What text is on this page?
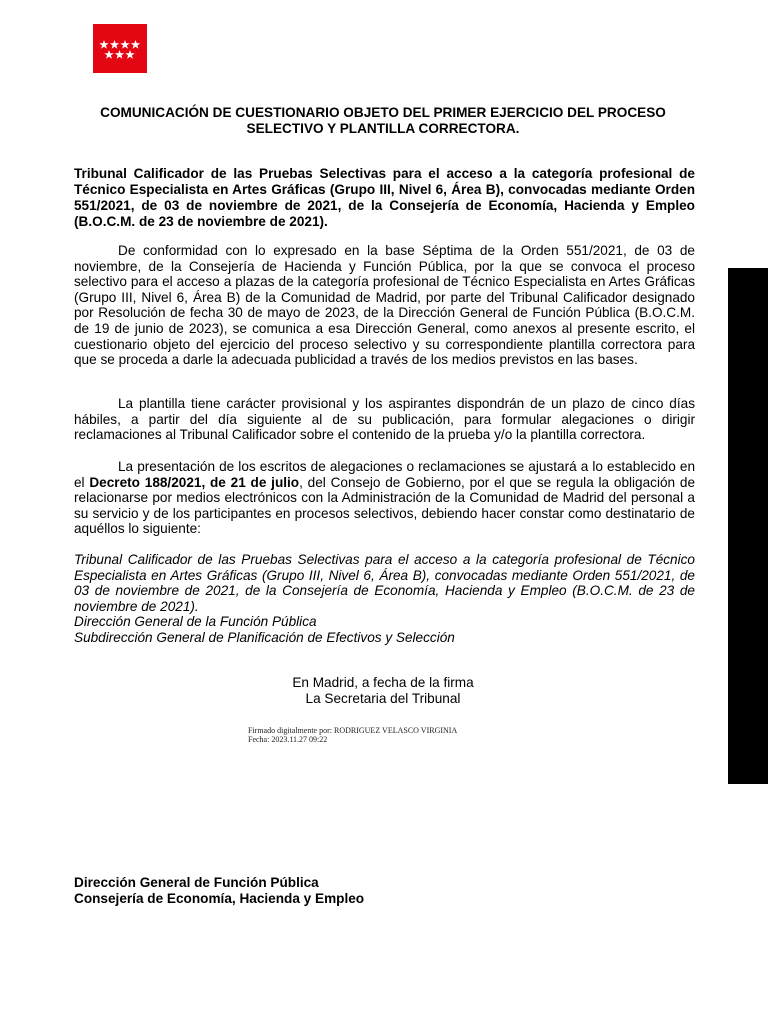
COMUNICACIÓN DE CUESTIONARIO OBJETO DEL PRIMER EJERCICIO DEL PROCESO SELECTIVO Y PLANTILLA CORRECTORA.
Tribunal Calificador de las Pruebas Selectivas para el acceso a la categoría profesional de Técnico Especialista en Artes Gráficas (Grupo III, Nivel 6, Área B), convocadas mediante Orden 551/2021, de 03 de noviembre de 2021, de la Consejería de Economía, Hacienda y Empleo (B.O.C.M. de 23 de noviembre de 2021).
De conformidad con lo expresado en la base Séptima de la Orden 551/2021, de 03 de noviembre, de la Consejería de Hacienda y Función Pública, por la que se convoca el proceso selectivo para el acceso a plazas de la categoría profesional de Técnico Especialista en Artes Gráficas (Grupo III, Nivel 6, Área B) de la Comunidad de Madrid, por parte del Tribunal Calificador designado por Resolución de fecha 30 de mayo de 2023, de la Dirección General de Función Pública (B.O.C.M. de 19 de junio de 2023), se comunica a esa Dirección General, como anexos al presente escrito, el cuestionario objeto del ejercicio del proceso selectivo y su correspondiente plantilla correctora para que se proceda a darle la adecuada publicidad a través de los medios previstos en las bases.
La plantilla tiene carácter provisional y los aspirantes dispondrán de un plazo de cinco días hábiles, a partir del día siguiente al de su publicación, para formular alegaciones o dirigir reclamaciones al Tribunal Calificador sobre el contenido de la prueba y/o la plantilla correctora.
La presentación de los escritos de alegaciones o reclamaciones se ajustará a lo establecido en el Decreto 188/2021, de 21 de julio, del Consejo de Gobierno, por el que se regula la obligación de relacionarse por medios electrónicos con la Administración de la Comunidad de Madrid del personal a su servicio y de los participantes en procesos selectivos, debiendo hacer constar como destinatario de aquéllos lo siguiente:
Tribunal Calificador de las Pruebas Selectivas para el acceso a la categoría profesional de Técnico Especialista en Artes Gráficas (Grupo III, Nivel 6, Área B), convocadas mediante Orden 551/2021, de 03 de noviembre de 2021, de la Consejería de Economía, Hacienda y Empleo (B.O.C.M. de 23 de noviembre de 2021).
Dirección General de la Función Pública
Subdirección General de Planificación de Efectivos y Selección
En Madrid, a fecha de la firma
La Secretaria del Tribunal
Firmado digitalmente por: RODRIGUEZ VELASCO VIRGINIA
Fecha: 2023.11.27 09:22
Dirección General de Función Pública
Consejería de Economía, Hacienda y Empleo
